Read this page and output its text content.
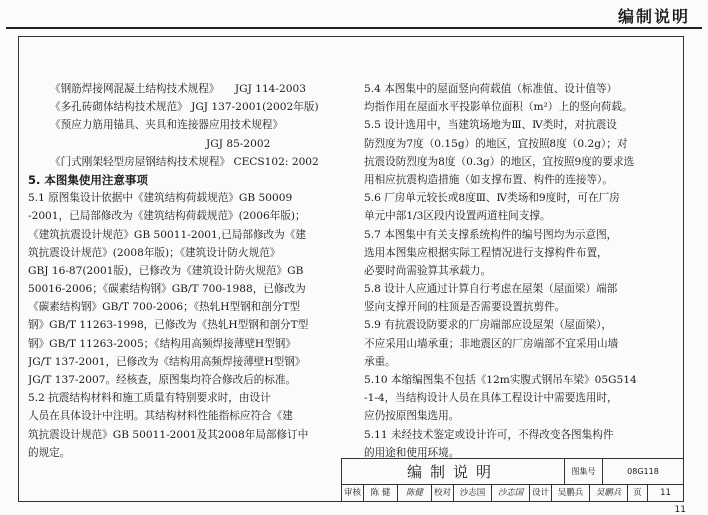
编制说明
《钢筋焊接网混凝土结构技术规程》 JGJ 114-2003
《多孔砖砌体结构技术规范》 JGJ 137-2001(2002年版)
《预应力筋用锚具、夹具和连接器应用技术规程》
JGJ 85-2002
《门式刚架轻型房屋钢结构技术规程》 CECS102: 2002
5. 本图集使用注意事项
5.1 原图集设计依据中《建筑结构荷载规范》GB 50009
-2001，已局部修改为《建筑结构荷载规范》(2006年版)；
《建筑抗震设计规范》GB 50011-2001,已局部修改为《建
筑抗震设计规范》(2008年版)；《建筑设计防火规范》
GBJ 16-87(2001版)，已修改为《建筑设计防火规范》GB
50016-2006；《碳素结构钢》GB/T 700-1988，已修改为
《碳素结构钢》GB/T 700-2006；《热轧H型钢和剖分T型
钢》GB/T 11263-1998，已修改为《热轧H型钢和剖分T型
钢》GB/T 11263-2005；《结构用高频焊接薄壁H型钢》
JG/T 137-2001，已修改为《结构用高频焊接薄壁H型钢》
JG/T 137-2007。经核查，原图集均符合修改后的标准。
5.2 抗震结构材料和施工质量有特别要求时，由设计
人员在具体设计中注明。其结构材料性能指标应符合《建
筑抗震设计规范》GB 50011-2001及其2008年局部修订中
的规定。
5.4 本图集中的屋面竖向荷载值（标准值、设计值等）
均指作用在屋面水平投影单位面积（m²）上的竖向荷载。
5.5 设计选用中，当建筑场地为Ⅲ、Ⅳ类时，对抗震设
防烈度为7度（0.15g）的地区，宜按照8度（0.2g）；对
抗震设防烈度为8度（0.3g）的地区，宜按照9度的要求选
用相应抗震构造措施（如支撑布置、构件的连接等）。
5.6 厂房单元较长或8度Ⅲ、Ⅳ类场和9度时，可在厂房
单元中部1/3区段内设置两道柱间支撑。
5.7 本图集中有关支撑系统构件的编号图均为示意图，
选用本图集应根据实际工程情况进行支撑构件布置，
必要时尚需验算其承载力。
5.8 设计人应通过计算自行考虑在屋架（屋面梁）端部
竖向支撑开间的柱顶是否需要设置抗剪件。
5.9 有抗震设防要求的厂房端部应设屋架（屋面梁），
不应采用山墙承重；非地震区的厂房端部不宜采用山墙
承重。
5.10 本缩编图集不包括《12m实腹式钢吊车梁》05G514
-1-4，当结构设计人员在具体工程设计中需要选用时，
应仍按原图集选用。
5.11 未经技术鉴定或设计许可，不得改变各图集构件
的用途和使用环境。
编制说明	图集号	08G118
审核	陈 健	陈健	校对	沙志国	沙志国	设计	吴鹏兵	吴鹏兵	页	11
11
